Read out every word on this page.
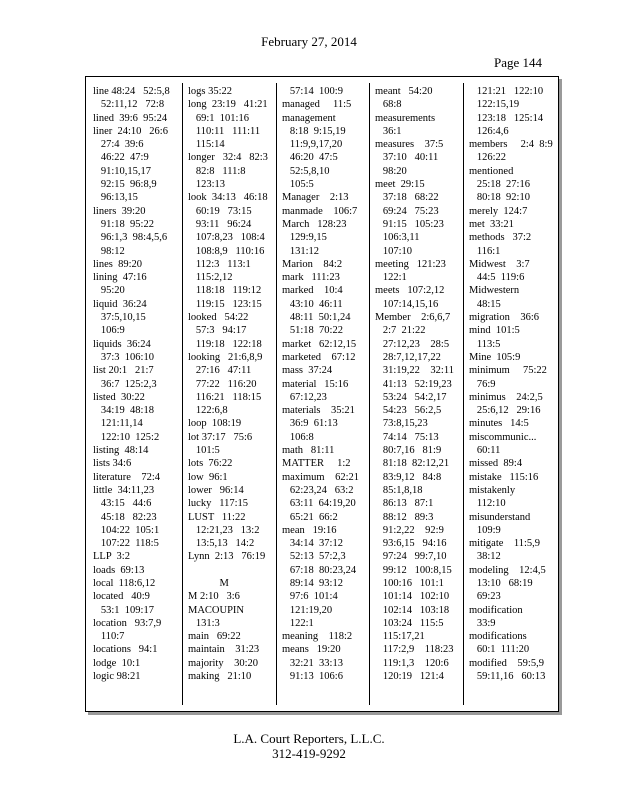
February 27, 2014
Page 144
line 48:24   52:5,8
52:11,12   72:8
lined  39:6  95:24
liner  24:10   26:6
27:4  39:6
46:22  47:9
91:10,15,17
92:15  96:8,9
96:13,15
liners  39:20
91:18  95:22
96:1,3  98:4,5,6
98:12
lines  89:20
lining  47:16
95:20
liquid  36:24
37:5,10,15
106:9
liquids  36:24
37:3  106:10
list 20:1   21:7
36:7  125:2,3
listed  30:22
34:19  48:18
121:11,14
122:10  125:2
listing  48:14
lists 34:6
literature    72:4
little  34:11,23
43:15   44:6
45:18   82:23
104:22  105:1
107:22  118:5
LLP  3:2
loads  69:13
local  118:6,12
located   40:9
53:1  109:17
location   93:7,9
110:7
locations   94:1
lodge  10:1
logic 98:21
logs 35:22
long  23:19   41:21
69:1  101:16
110:11   111:11
115:14
longer   32:4   82:3
82:8   111:8
123:13
look  34:13   46:18
60:19   73:15
93:11   96:24
107:8,23   108:4
108:8,9   110:16
112:3   113:1
115:2,12
118:18   119:12
119:15   123:15
looked   54:22
57:3   94:17
119:18   122:18
looking   21:6,8,9
27:16   47:11
77:22   116:20
116:21   118:15
122:6,8
loop  108:19
lot 37:17   75:6
101:5
lots  76:22
low  96:1
lower   96:14
lucky   117:15
LUST   11:22
12:21,23   13:2
13:5,13   14:2
Lynn  2:13   76:19
M
M 2:10   3:6
MACOUPIN
131:3
main   69:22
maintain    31:23
majority    30:20
making   21:10
57:14  100:9
managed     11:5
management
8:18  9:15,19
11:9,9,17,20
46:20  47:5
52:5,8,10
105:5
Manager    2:13
manmade    106:7
March   128:23
129:9,15
131:12
Marion    84:2
mark   111:23
marked    10:4
43:10  46:11
48:11  50:1,24
51:18  70:22
market   62:12,15
marketed    67:12
mass  37:24
material   15:16
67:12,23
materials    35:21
36:9  61:13
106:8
math   81:11
MATTER     1:2
maximum    62:21
62:23,24   63:2
63:11  64:19,20
65:21  66:2
mean   19:16
34:14  37:12
52:13  57:2,3
67:18  80:23,24
89:14  93:12
97:6  101:4
121:19,20
122:1
meaning    118:2
means   19:20
32:21  33:13
91:13  106:6
meant   54:20
68:8
measurements
36:1
measures    37:5
37:10   40:11
98:20
meet  29:15
37:18   68:22
69:24   75:23
91:15   105:23
106:3,11
107:10
meeting   121:23
122:1
meets   107:2,12
107:14,15,16
Member    2:6,6,7
2:7  21:22
27:12,23    28:5
28:7,12,17,22
31:19,22    32:11
41:13   52:19,23
53:24   54:2,17
54:23   56:2,5
73:8,15,23
74:14   75:13
80:7,16   81:9
81:18  82:12,21
83:9,12   84:8
85:1,8,18
86:13   87:1
88:12   89:3
91:2,22    92:9
93:6,15   94:16
97:24   99:7,10
99:12   100:8,15
100:16   101:1
101:14   102:10
102:14   103:18
103:24   115:5
115:17,21
117:2,9    118:23
119:1,3    120:6
120:19   121:4
121:21   122:10
122:15,19
123:18   125:14
126:4,6
members     2:4  8:9
126:22
mentioned
25:18  27:16
80:18  92:10
merely  124:7
met  33:21
methods   37:2
116:1
Midwest    3:7
44:5  119:6
Midwestern
48:15
migration    36:6
mind  101:5
113:5
Mine  105:9
minimum     75:22
76:9
minimus    24:2,5
25:6,12   29:16
minutes   14:5
miscommunic...
60:11
missed  89:4
mistake   115:16
mistakenly
112:10
misunderstand
109:9
mitigate    11:5,9
38:12
modeling    12:4,5
13:10   68:19
69:23
modification
33:9
modifications
60:1  111:20
modified    59:5,9
59:11,16   60:13
L.A. Court Reporters, L.L.C.
312-419-9292
